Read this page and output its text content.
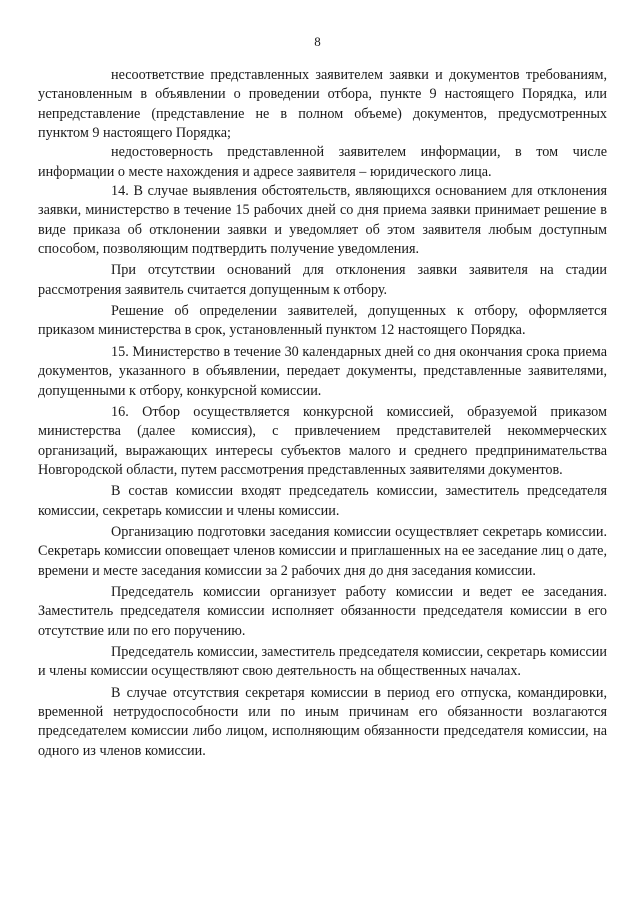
8

несоответствие представленных заявителем заявки и документов требованиям, установленным в объявлении о проведении отбора, пункте 9 настоящего Порядка, или непредставление (представление не в полном объеме) документов, предусмотренных пунктом 9 настоящего Порядка;

недостоверность представленной заявителем информации, в том числе информации о месте нахождения и адресе заявителя – юридического лица.

14. В случае выявления обстоятельств, являющихся основанием для отклонения заявки, министерство в течение 15 рабочих дней со дня приема заявки принимает решение в виде приказа об отклонении заявки и уведомляет об этом заявителя любым доступным способом, позволяющим подтвердить получение уведомления.

При отсутствии оснований для отклонения заявки заявителя на стадии рассмотрения заявитель считается допущенным к отбору.

Решение об определении заявителей, допущенных к отбору, оформляется приказом министерства в срок, установленный пунктом 12 настоящего Порядка.

15. Министерство в течение 30 календарных дней со дня окончания срока приема документов, указанного в объявлении, передает документы, представленные заявителями, допущенными к отбору, конкурсной комиссии.

16. Отбор осуществляется конкурсной комиссией, образуемой приказом министерства (далее комиссия), с привлечением представителей некоммерческих организаций, выражающих интересы субъектов малого и среднего предпринимательства Новгородской области, путем рассмотрения представленных заявителями документов.

В состав комиссии входят председатель комиссии, заместитель председателя комиссии, секретарь комиссии и члены комиссии.

Организацию подготовки заседания комиссии осуществляет секретарь комиссии. Секретарь комиссии оповещает членов комиссии и приглашенных на ее заседание лиц о дате, времени и месте заседания комиссии за 2 рабочих дня до дня заседания комиссии.

Председатель комиссии организует работу комиссии и ведет ее заседания. Заместитель председателя комиссии исполняет обязанности председателя комиссии в его отсутствие или по его поручению.

Председатель комиссии, заместитель председателя комиссии, секретарь комиссии и члены комиссии осуществляют свою деятельность на общественных началах.

В случае отсутствия секретаря комиссии в период его отпуска, командировки, временной нетрудоспособности или по иным причинам его обязанности возлагаются председателем комиссии либо лицом, исполняющим обязанности председателя комиссии, на одного из членов комиссии.
